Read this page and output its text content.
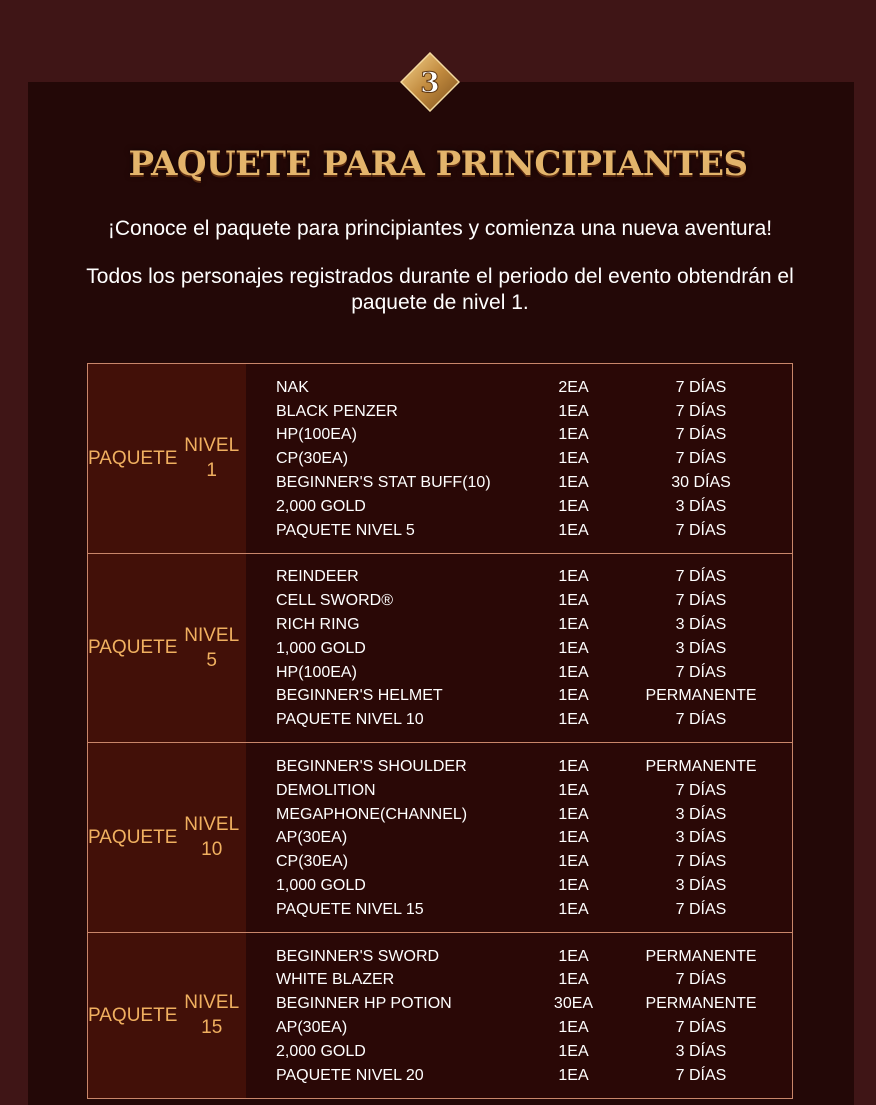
3
PAQUETE PARA PRINCIPIANTES
¡Conoce el paquete para principiantes y comienza una nueva aventura!
Todos los personajes registrados durante el periodo del evento obtendrán el paquete de nivel 1.
PAQUETE

NIVEL 1
NAK	2EA	7 DÍAS
BLACK PENZER	1EA	7 DÍAS
HP(100EA)	1EA	7 DÍAS
CP(30EA)	1EA	7 DÍAS
BEGINNER'S STAT BUFF(10)	1EA	30 DÍAS
2,000 GOLD	1EA	3 DÍAS
PAQUETE NIVEL 5	1EA	7 DÍAS
PAQUETE

NIVEL 5
REINDEER	1EA	7 DÍAS
CELL SWORD®	1EA	7 DÍAS
RICH RING	1EA	3 DÍAS
1,000 GOLD	1EA	3 DÍAS
HP(100EA)	1EA	7 DÍAS
BEGINNER'S HELMET	1EA	PERMANENTE
PAQUETE NIVEL 10	1EA	7 DÍAS
PAQUETE

NIVEL 10
BEGINNER'S SHOULDER	1EA	PERMANENTE
DEMOLITION	1EA	7 DÍAS
MEGAPHONE(CHANNEL)	1EA	3 DÍAS
AP(30EA)	1EA	3 DÍAS
CP(30EA)	1EA	7 DÍAS
1,000 GOLD	1EA	3 DÍAS
PAQUETE NIVEL 15	1EA	7 DÍAS
PAQUETE

NIVEL 15
BEGINNER'S SWORD	1EA	PERMANENTE
WHITE BLAZER	1EA	7 DÍAS
BEGINNER HP POTION	30EA	PERMANENTE
AP(30EA)	1EA	7 DÍAS
2,000 GOLD	1EA	3 DÍAS
PAQUETE NIVEL 20	1EA	7 DÍAS
